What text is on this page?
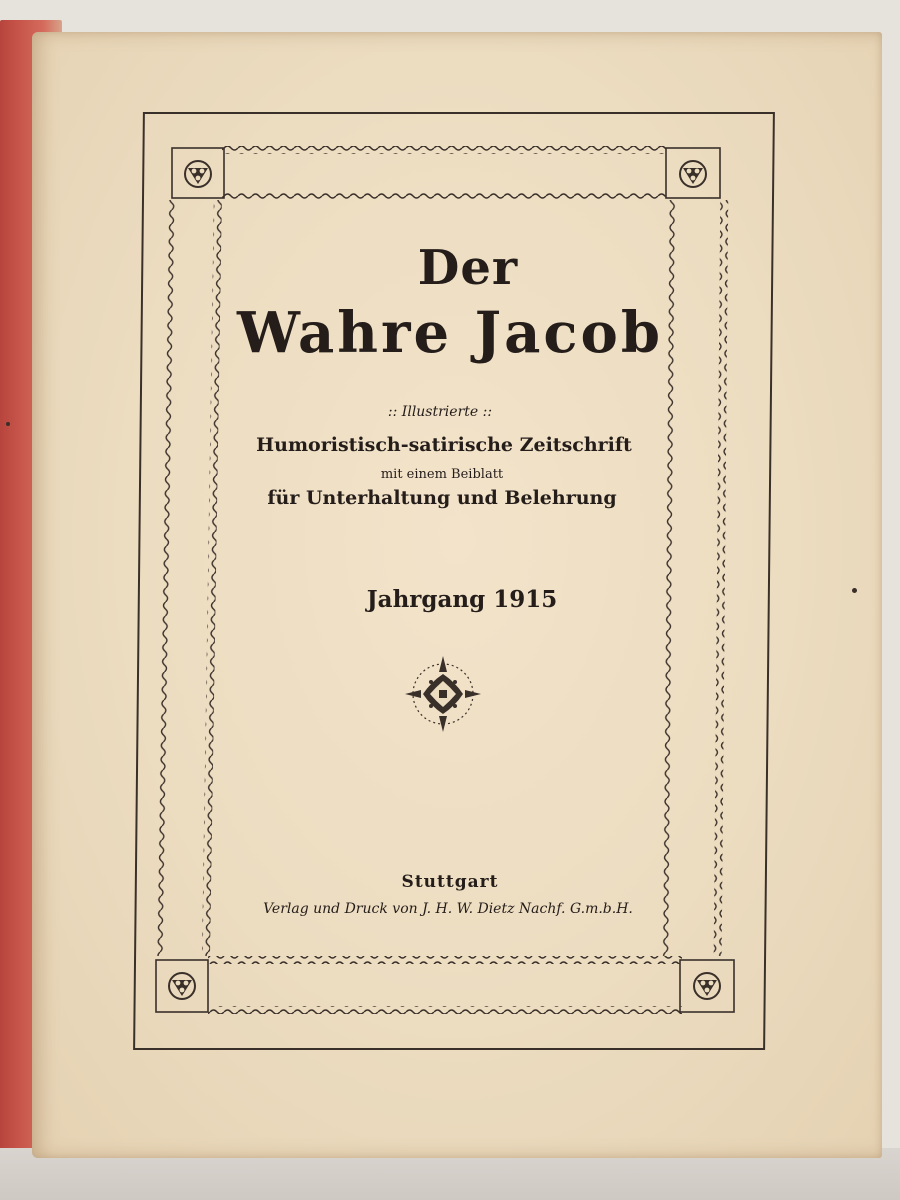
Der
Wahre Jacob
:: Illustrierte ::
Humoristisch-satirische Zeitschrift
mit einem Beiblatt
für Unterhaltung und Belehrung
Jahrgang 1915
Stuttgart
Verlag und Druck von J. H. W. Dietz Nachf. G.m.b.H.
